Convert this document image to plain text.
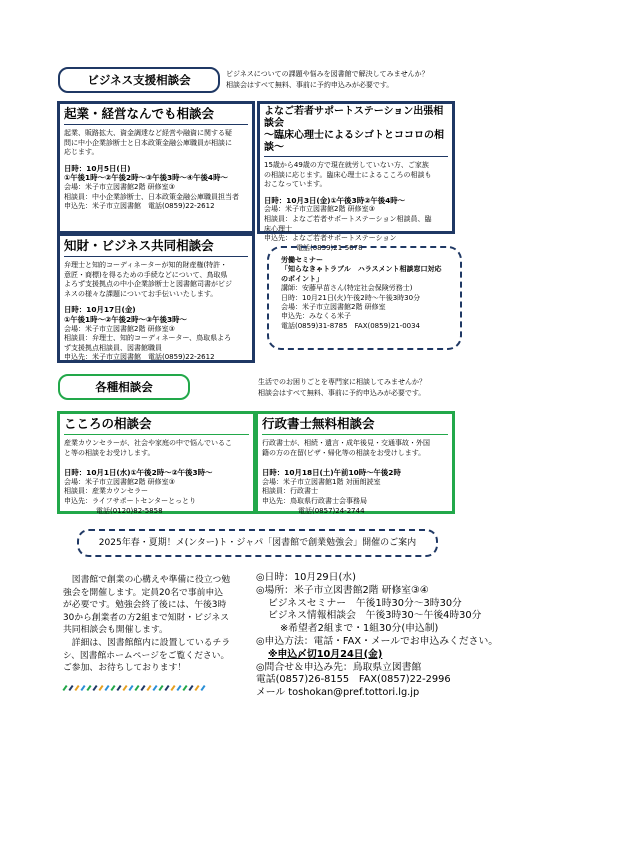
ビジネス支援相談会	ビジネスについての課題や悩みを図書館で解決してみませんか？
相談会はすべて無料、事前に予約申込みが必要です。
起業・経営なんでも相談会
起業、販路拡大、資金調達など経営や融資に関する疑
問に中小企業診断士と日本政策金融公庫職員が相談に
応じます。
日時：10月5日(日)
①午後1時～②午後2時～③午後3時～④午後4時～
会場：米子市立図書館2階 研修室③
相談員：中小企業診断士、日本政策金融公庫職員担当者
申込先：米子市立図書館　電話(0859)22-2612
よなご若者サポートステーション出張相談会
～臨床心理士によるシゴトとココロの相談～
15歳から49歳の方で現在就労していない方、ご家族
の相談に応じます。臨床心理士によるこころの相談も
おこなっています。
日時：10月3日(金)①午後3時②午後4時～
会場：米子市立図書館2階 研修室③
相談員：よなご若者サポートステーション相談員、臨
床心理士
申込先：よなご若者サポートステーション
電話(0859)21-5678
知財・ビジネス共同相談会
弁理士と知的コーディネーターが知的財産権(特許・
意匠・商標)を得るための手続などについて、鳥取県
よろず支援拠点の中小企業診断士と図書館司書がビジ
ネスの様々な課題についてお手伝いいたします。
日時：10月17日(金)
①午後1時～②午後2時～③午後3時～
会場：米子市立図書館2階 研修室③
相談員：弁理士、知的コーディネーター、鳥取県よろ
ず支援拠点相談員、図書館職員
申込先：米子市立図書館　電話(0859)22-2612
労働セミナー
「知らなきゃトラブル　ハラスメント相談窓口対応
のポイント」
講師：安藤早苗さん(特定社会保険労務士)
日時：10月21日(火)午後2時～午後3時30分
会場：米子市立図書館2階 研修室
申込先：みなくる米子
電話(0859)31-8785　FAX(0859)21-0034
各種相談会	生活でのお困りごとを専門家に相談してみませんか？
相談会はすべて無料、事前に予約申込みが必要です。
こころの相談会
産業カウンセラーが、社会や家庭の中で悩んでいるこ
と等の相談をお受けします。
日時：10月1日(水)①午後2時～②午後3時～
会場：米子市立図書館2階 研修室③
相談員：産業カウンセラー
申込先：ライフサポートセンターとっとり
電話(0120)82-5858
行政書士無料相談会
行政書士が、相続・遺言・成年後見・交通事故・外国
籍の方の在留(ビザ・帰化等の相談をお受けします。
日時：10月18日(土)午前10時～午後2時
会場：米子市立図書館1階 対面朗読室
相談員：行政書士
申込先：鳥取県行政書士会事務局
電話(0857)24-2744
2025年春・夏期！メ(ンター)ト・ジャパ「図書館で創業勉強会」開催のご案内
図書館で創業の心構えや準備に役立つ勉
強会を開催します。定員20名で事前申込
が必要です。勉強会終了後には、午後3時
30から創業者の方2組まで知財・ビジネス
共同相談会も開催します。
詳細は、図書館館内に設置しているチラ
シ、図書館ホームページをご覧ください。
ご参加、お待ちしております！
◎日時：10月29日(水)
◎場所：米子市立図書館2階 研修室③④
ビジネスセミナー　午後1時30分～3時30分
ビジネス情報相談会　午後3時30～午後4時30分
※希望者2組まで・1組30分(申込制)
◎申込方法：電話・FAX・メールでお申込みください。
※申込〆切10月24日(金)
◎問合せ＆申込み先：鳥取県立図書館
電話(0857)26-8155　FAX(0857)22-2996
メール toshokan@pref.tottori.lg.jp
